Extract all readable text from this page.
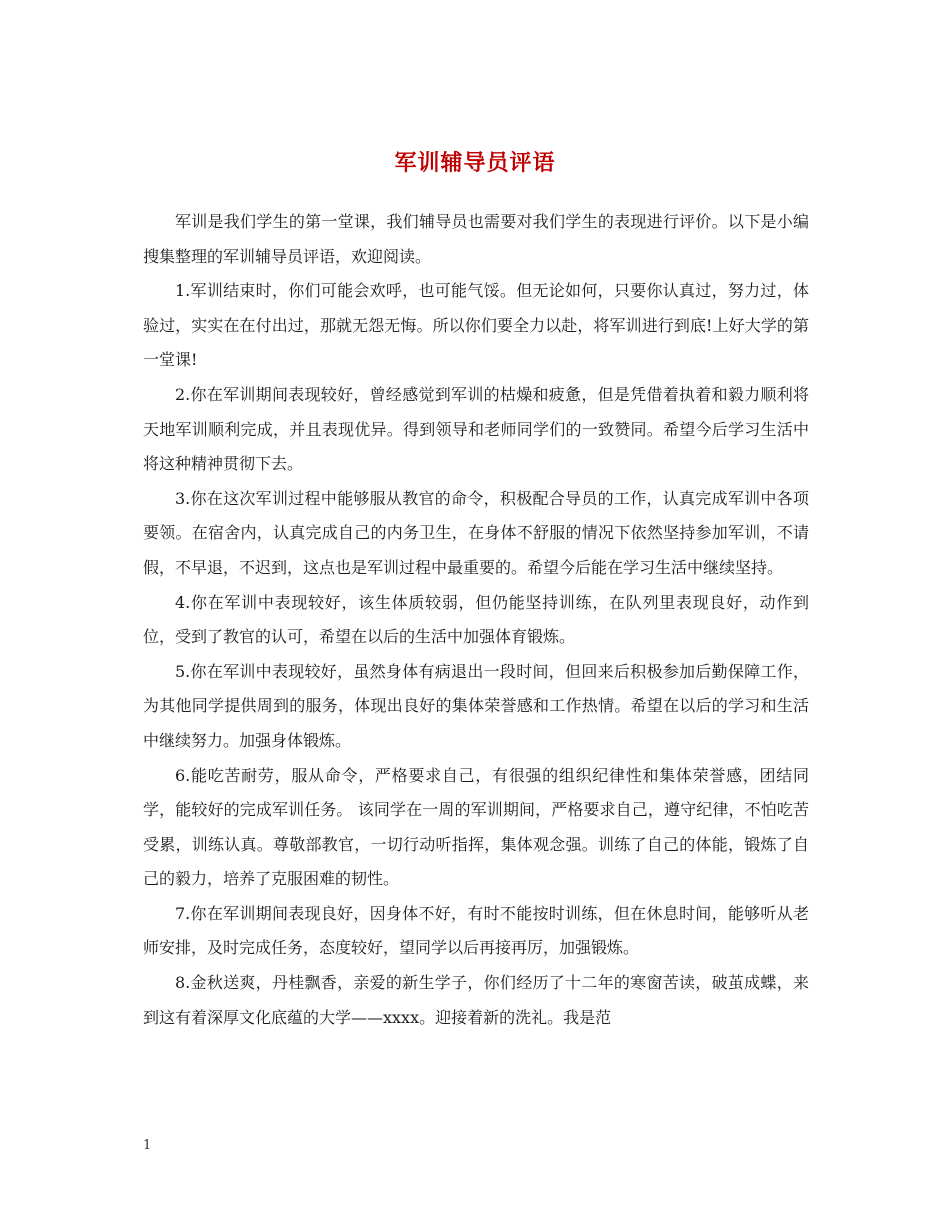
军训辅导员评语

军训是我们学生的第一堂课，我们辅导员也需要对我们学生的表现进行评价。以下是小编搜集整理的军训辅导员评语，欢迎阅读。

1.军训结束时，你们可能会欢呼，也可能气馁。但无论如何，只要你认真过，努力过，体验过，实实在在付出过，那就无怨无悔。所以你们要全力以赴，将军训进行到底!上好大学的第一堂课!

2.你在军训期间表现较好，曾经感觉到军训的枯燥和疲惫，但是凭借着执着和毅力顺利将天地军训顺利完成，并且表现优异。得到领导和老师同学们的一致赞同。希望今后学习生活中将这种精神贯彻下去。

3.你在这次军训过程中能够服从教官的命令，积极配合导员的工作，认真完成军训中各项要领。在宿舍内，认真完成自己的内务卫生，在身体不舒服的情况下依然坚持参加军训，不请假，不早退，不迟到，这点也是军训过程中最重要的。希望今后能在学习生活中继续坚持。

4.你在军训中表现较好，该生体质较弱，但仍能坚持训练，在队列里表现良好，动作到位，受到了教官的认可，希望在以后的生活中加强体育锻炼。

5.你在军训中表现较好，虽然身体有病退出一段时间，但回来后积极参加后勤保障工作，为其他同学提供周到的服务，体现出良好的集体荣誉感和工作热情。希望在以后的学习和生活中继续努力。加强身体锻炼。

6.能吃苦耐劳，服从命令，严格要求自己，有很强的组织纪律性和集体荣誉感，团结同学，能较好的完成军训任务。 该同学在一周的军训期间，严格要求自己，遵守纪律，不怕吃苦受累，训练认真。尊敬部教官，一切行动听指挥，集体观念强。训练了自己的体能，锻炼了自己的毅力，培养了克服困难的韧性。

7.你在军训期间表现良好，因身体不好，有时不能按时训练，但在休息时间，能够听从老师安排，及时完成任务，态度较好，望同学以后再接再厉，加强锻炼。

8.金秋送爽，丹桂飘香，亲爱的新生学子，你们经历了十二年的寒窗苦读，破茧成蝶，来到这有着深厚文化底蕴的大学——xxxx。迎接着新的洗礼。我是范

1
